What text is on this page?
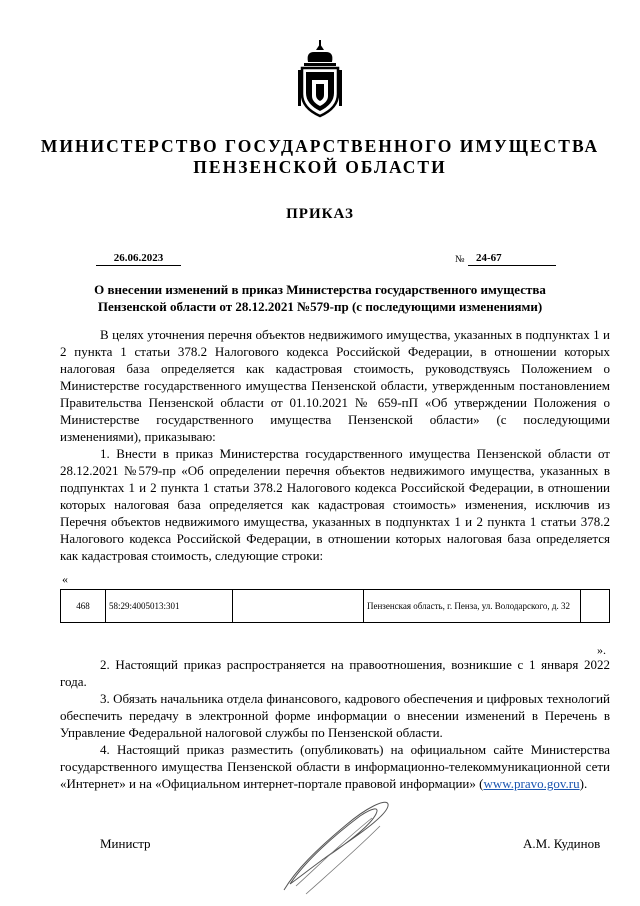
МИНИСТЕРСТВО ГОСУДАРСТВЕННОГО ИМУЩЕСТВА
ПЕНЗЕНСКОЙ ОБЛАСТИ
ПРИКАЗ
26.06.2023	№	24-67
О внесении изменений в приказ Министерства государственного имущества
Пензенской области от 28.12.2021 №579-пр (с последующими изменениями)

В целях уточнения перечня объектов недвижимого имущества, указанных в подпунктах 1 и 2 пункта 1 статьи 378.2 Налогового кодекса Российской Федерации, в отношении которых налоговая база определяется как кадастровая стоимость, руководствуясь Положением о Министерстве государственного имущества Пензенской области, утвержденным постановлением Правительства Пензенской области от 01.10.2021 № 659-пП «Об утверждении Положения о Министерстве государственного имущества Пензенской области» (с последующими изменениями), приказываю:

1. Внести в приказ Министерства государственного имущества Пензенской области от 28.12.2021 №579-пр «Об определении перечня объектов недвижимого имущества, указанных в подпунктах 1 и 2 пункта 1 статьи 378.2 Налогового кодекса Российской Федерации, в отношении которых налоговая база определяется как кадастровая стоимость» изменения, исключив из Перечня объектов недвижимого имущества, указанных в подпунктах 1 и 2 пункта 1 статьи 378.2 Налогового кодекса Российской Федерации, в отношении которых налоговая база определяется как кадастровая стоимость, следующие строки:

«
468	58:29:4005013:301		Пензенская область, г. Пенза, ул. Володарского, д. 32	
».

2. Настоящий приказ распространяется на правоотношения, возникшие с 1 января 2022 года.

3. Обязать начальника отдела финансового, кадрового обеспечения и цифровых технологий обеспечить передачу в электронной форме информации о внесении изменений в Перечень в Управление Федеральной налоговой службы по Пензенской области.

4. Настоящий приказ разместить (опубликовать) на официальном сайте Министерства государственного имущества Пензенской области в информационно-телекоммуникационной сети «Интернет» и на «Официальном интернет-портале правовой информации» (www.pravo.gov.ru).

Министр	А.М. Кудинов
